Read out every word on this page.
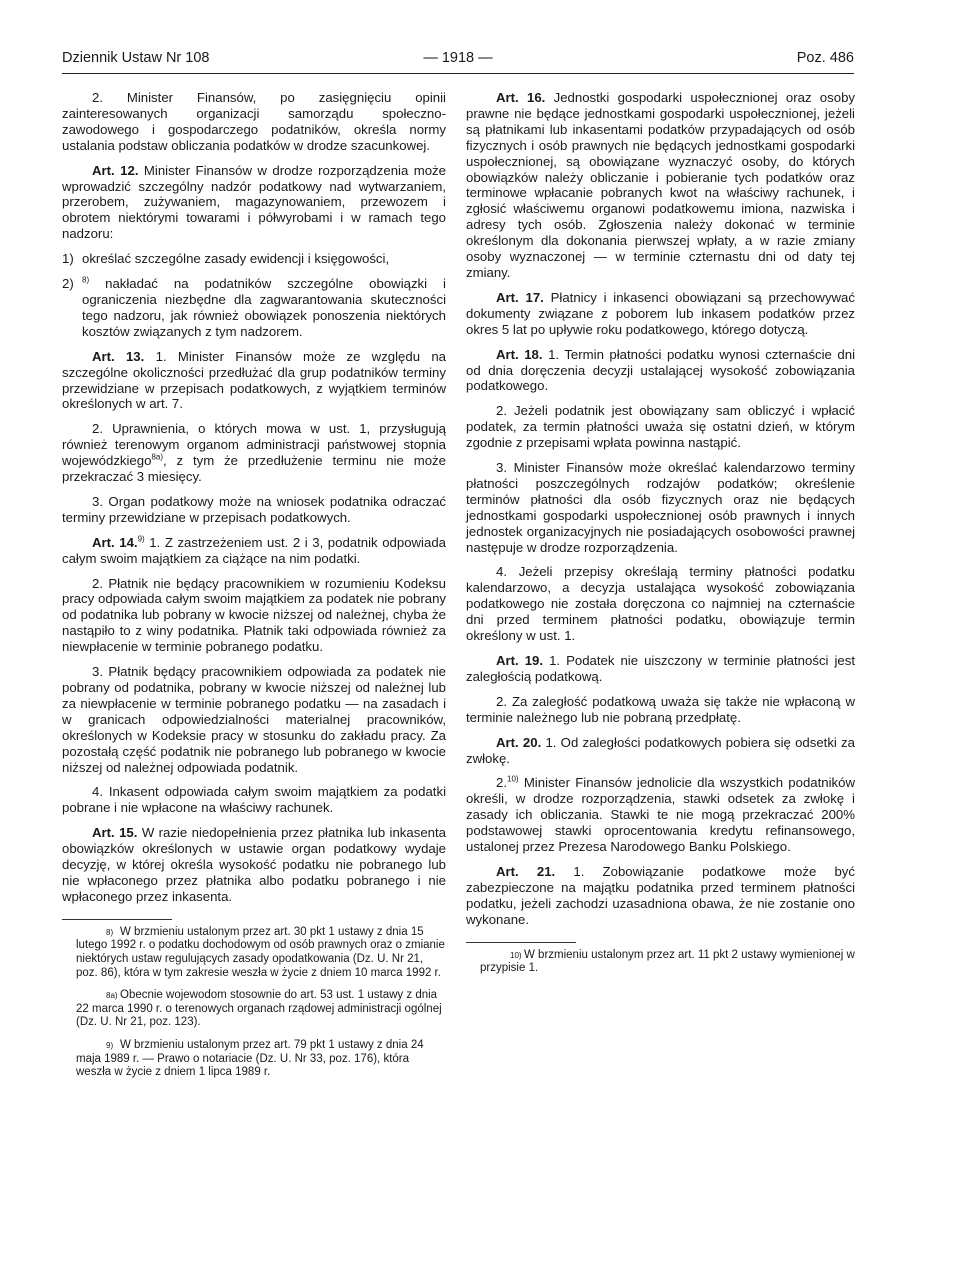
Dziennik Ustaw Nr 108	— 1918 —	Poz. 486

2. Minister Finansów, po zasięgnięciu opinii zainteresowanych organizacji samorządu społeczno-zawodowego i gospodarczego podatników, określa normy ustalania podstaw obliczania podatków w drodze szacunkowej.

Art. 12. Minister Finansów w drodze rozporządzenia może wprowadzić szczególny nadzór podatkowy nad wytwarzaniem, przerobem, zużywaniem, magazynowaniem, przewozem i obrotem niektórymi towarami i półwyrobami i w ramach tego nadzoru:

1) określać szczególne zasady ewidencji i księgowości,

2) $^{8)}$ nakładać na podatników szczególne obowiązki i ograniczenia niezbędne dla zagwarantowania skuteczności tego nadzoru, jak również obowiązek ponoszenia niektórych kosztów związanych z tym nadzorem.

Art. 13. 1. Minister Finansów może ze względu na szczególne okoliczności przedłużać dla grup podatników terminy przewidziane w przepisach podatkowych, z wyjątkiem terminów określonych w art. 7.

2. Uprawnienia, o których mowa w ust. 1, przysługują również terenowym organom administracji państwowej stopnia wojewódzkiego$^{8a)}$, z tym że przedłużenie terminu nie może przekraczać 3 miesięcy.

3. Organ podatkowy może na wniosek podatnika odraczać terminy przewidziane w przepisach podatkowych.

Art. 14.$^{9)}$ 1. Z zastrzeżeniem ust. 2 i 3, podatnik odpowiada całym swoim majątkiem za ciążące na nim podatki.

2. Płatnik nie będący pracownikiem w rozumieniu Kodeksu pracy odpowiada całym swoim majątkiem za podatek nie pobrany od podatnika lub pobrany w kwocie niższej od należnej, chyba że nastąpiło to z winy podatnika. Płatnik taki odpowiada również za niewpłacenie w terminie pobranego podatku.

3. Płatnik będący pracownikiem odpowiada za podatek nie pobrany od podatnika, pobrany w kwocie niższej od należnej lub za niewpłacenie w terminie pobranego podatku — na zasadach i w granicach odpowiedzialności materialnej pracowników, określonych w Kodeksie pracy w stosunku do zakładu pracy. Za pozostałą część podatnik nie pobranego lub pobranego w kwocie niższej od należnej odpowiada podatnik.

4. Inkasent odpowiada całym swoim majątkiem za podatki pobrane i nie wpłacone na właściwy rachunek.

Art. 15. W razie niedopełnienia przez płatnika lub inkasenta obowiązków określonych w ustawie organ podatkowy wydaje decyzję, w której określa wysokość podatku nie pobranego lub nie wpłaconego przez płatnika albo podatku pobranego i nie wpłaconego przez inkasenta.

8) W brzmieniu ustalonym przez art. 30 pkt 1 ustawy z dnia 15 lutego 1992 r. o podatku dochodowym od osób prawnych oraz o zmianie niektórych ustaw regulujących zasady opodatkowania (Dz. U. Nr 21, poz. 86), która w tym zakresie weszła w życie z dniem 10 marca 1992 r.

8a) Obecnie wojewodom stosownie do art. 53 ust. 1 ustawy z dnia 22 marca 1990 r. o terenowych organach rządowej administracji ogólnej (Dz. U. Nr 21, poz. 123).

9) W brzmieniu ustalonym przez art. 79 pkt 1 ustawy z dnia 24 maja 1989 r. — Prawo o notariacie (Dz. U. Nr 33, poz. 176), która weszła w życie z dniem 1 lipca 1989 r.

Art. 16. Jednostki gospodarki uspołecznionej oraz osoby prawne nie będące jednostkami gospodarki uspołecznionej, jeżeli są płatnikami lub inkasentami podatków przypadających od osób fizycznych i osób prawnych nie będących jednostkami gospodarki uspołecznionej, są obowiązane wyznaczyć osoby, do których obowiązków należy obliczanie i pobieranie tych podatków oraz terminowe wpłacanie pobranych kwot na właściwy rachunek, i zgłosić właściwemu organowi podatkowemu imiona, nazwiska i adresy tych osób. Zgłoszenia należy dokonać w terminie określonym dla dokonania pierwszej wpłaty, a w razie zmiany osoby wyznaczonej — w terminie czternastu dni od daty tej zmiany.

Art. 17. Płatnicy i inkasenci obowiązani są przechowywać dokumenty związane z poborem lub inkasem podatków przez okres 5 lat po upływie roku podatkowego, którego dotyczą.

Art. 18. 1. Termin płatności podatku wynosi czternaście dni od dnia doręczenia decyzji ustalającej wysokość zobowiązania podatkowego.

2. Jeżeli podatnik jest obowiązany sam obliczyć i wpłacić podatek, za termin płatności uważa się ostatni dzień, w którym zgodnie z przepisami wpłata powinna nastąpić.

3. Minister Finansów może określać kalendarzowo terminy płatności poszczególnych rodzajów podatków; określenie terminów płatności dla osób fizycznych oraz nie będących jednostkami gospodarki uspołecznionej osób prawnych i innych jednostek organizacyjnych nie posiadających osobowości prawnej następuje w drodze rozporządzenia.

4. Jeżeli przepisy określają terminy płatności podatku kalendarzowo, a decyzja ustalająca wysokość zobowiązania podatkowego nie została doręczona co najmniej na czternaście dni przed terminem płatności podatku, obowiązuje termin określony w ust. 1.

Art. 19. 1. Podatek nie uiszczony w terminie płatności jest zaległością podatkową.

2. Za zaległość podatkową uważa się także nie wpłaconą w terminie należnego lub nie pobraną przedpłatę.

Art. 20. 1. Od zaległości podatkowych pobiera się odsetki za zwłokę.

2.$^{10)}$ Minister Finansów jednolicie dla wszystkich podatników określi, w drodze rozporządzenia, stawki odsetek za zwłokę i zasady ich obliczania. Stawki te nie mogą przekraczać 200% podstawowej stawki oprocentowania kredytu refinansowego, ustalonej przez Prezesa Narodowego Banku Polskiego.

Art. 21. 1. Zobowiązanie podatkowe może być zabezpieczone na majątku podatnika przed terminem płatności podatku, jeżeli zachodzi uzasadniona obawa, że nie zostanie ono wykonane.

10) W brzmieniu ustalonym przez art. 11 pkt 2 ustawy wymienionej w przypisie 1.
